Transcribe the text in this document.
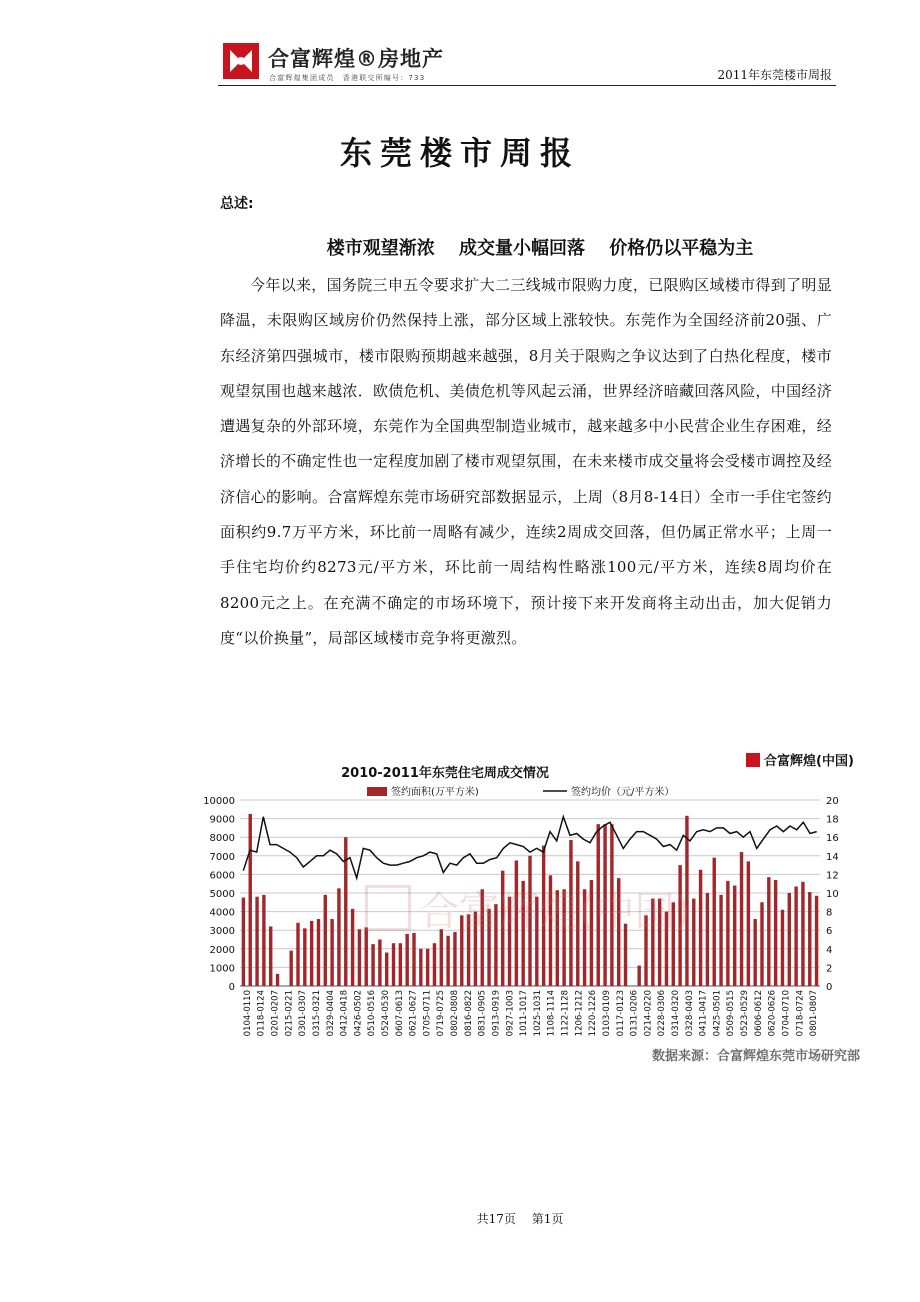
合富辉煌®房地产
合富辉煌集团成员　香港联交所编号：733	2011年东莞楼市周报
东莞楼市周报
总述:
楼市观望渐浓 成交量小幅回落 价格仍以平稳为主

今年以来，国务院三申五令要求扩大二三线城市限购力度，已限购区域楼市得到了明显降温，未限购区域房价仍然保持上涨，部分区域上涨较快。东莞作为全国经济前20强、广东经济第四强城市，楼市限购预期越来越强，8月关于限购之争议达到了白热化程度，楼市观望氛围也越来越浓．欧债危机、美债危机等风起云涌，世界经济暗藏回落风险，中国经济遭遇复杂的外部环境，东莞作为全国典型制造业城市，越来越多中小民营企业生存困难，经济增长的不确定性也一定程度加剧了楼市观望氛围，在未来楼市成交量将会受楼市调控及经济信心的影响。合富辉煌东莞市场研究部数据显示，上周（8月8-14日）全市一手住宅签约面积约9.7万平方米，环比前一周略有减少，连续2周成交回落，但仍属正常水平；上周一手住宅均价约8273元/平方米，环比前一周结构性略涨100元/平方米，连续8周均价在8200元之上。在充满不确定的市场环境下，预计接下来开发商将主动出击，加大促销力度“以价换量”，局部区域楼市竞争将更激烈。

合富辉煌(中国)
2010-2011年东莞住宅周成交情况
签约面积(万平方米)	签约均价（元/平方米）
0
1000
2000
3000
4000
5000
6000
7000
8000
9000
10000
0
2
4
6
8
10
12
14
16
18
20
0104-0110 0118-0124 0201-0207 0215-0221 0301-0307 0315-0321 0329-0404 0412-0418 0426-0502 0510-0516 0524-0530 0607-0613 0621-0627 0705-0711 0719-0725 0802-0808 0816-0822 0831-0905 0913-0919 0927-1003 1011-1017 1025-1031 1108-1114 1122-1128 1206-1212 1220-1226 0103-0109 0117-0123 0131-0206 0214-0220 0228-0306 0314-0320 0328-0403 0411-0417 0425-0501 0509-0515 0523-0529 0606-0612 0620-0626 0704-0710 0718-0724 0801-0807
合富辉煌(中国)
数据来源：合富辉煌东莞市场研究部
共17页 第1页
